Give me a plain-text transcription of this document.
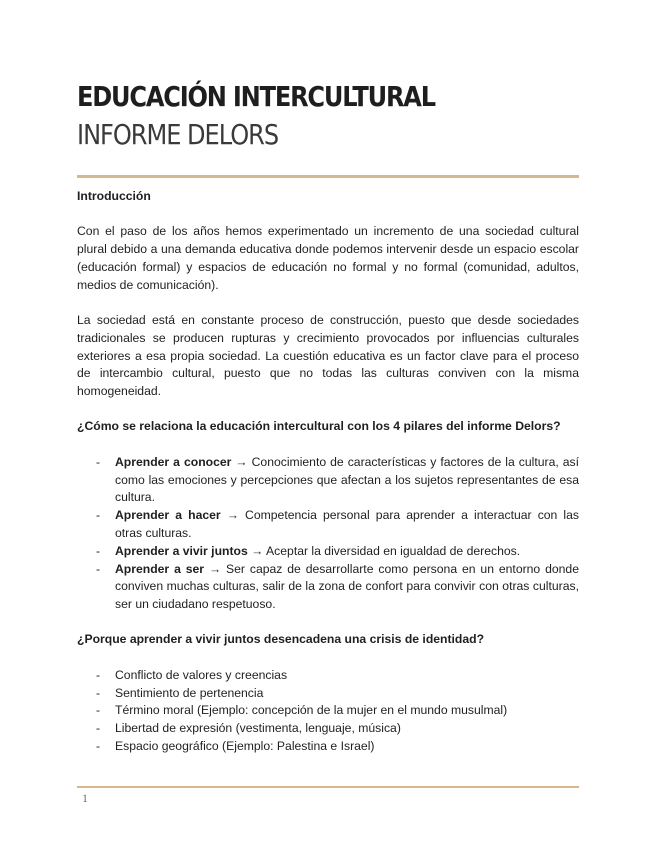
EDUCACIÓN INTERCULTURAL
INFORME DELORS

Introducción

Con el paso de los años hemos experimentado un incremento de una sociedad cultural plural debido a una demanda educativa donde podemos intervenir desde un espacio escolar (educación formal) y espacios de educación no formal y no formal (comunidad, adultos, medios de comunicación).

La sociedad está en constante proceso de construcción, puesto que desde sociedades tradicionales se producen rupturas y crecimiento provocados por influencias culturales exteriores a esa propia sociedad. La cuestión educativa es un factor clave para el proceso de intercambio cultural, puesto que no todas las culturas conviven con la misma homogeneidad.

¿Cómo se relaciona la educación intercultural con los 4 pilares del informe Delors?

- Aprender a conocer → Conocimiento de características y factores de la cultura, así como las emociones y percepciones que afectan a los sujetos representantes de esa cultura.
- Aprender a hacer → Competencia personal para aprender a interactuar con las otras culturas.
- Aprender a vivir juntos → Aceptar la diversidad en igualdad de derechos.
- Aprender a ser → Ser capaz de desarrollarte como persona en un entorno donde conviven muchas culturas, salir de la zona de confort para convivir con otras culturas, ser un ciudadano respetuoso.

¿Porque aprender a vivir juntos desencadena una crisis de identidad?

- Conflicto de valores y creencias
- Sentimiento de pertenencia
- Término moral (Ejemplo: concepción de la mujer en el mundo musulmal)
- Libertad de expresión (vestimenta, lenguaje, música)
- Espacio geográfico (Ejemplo: Palestina e Israel)
1
